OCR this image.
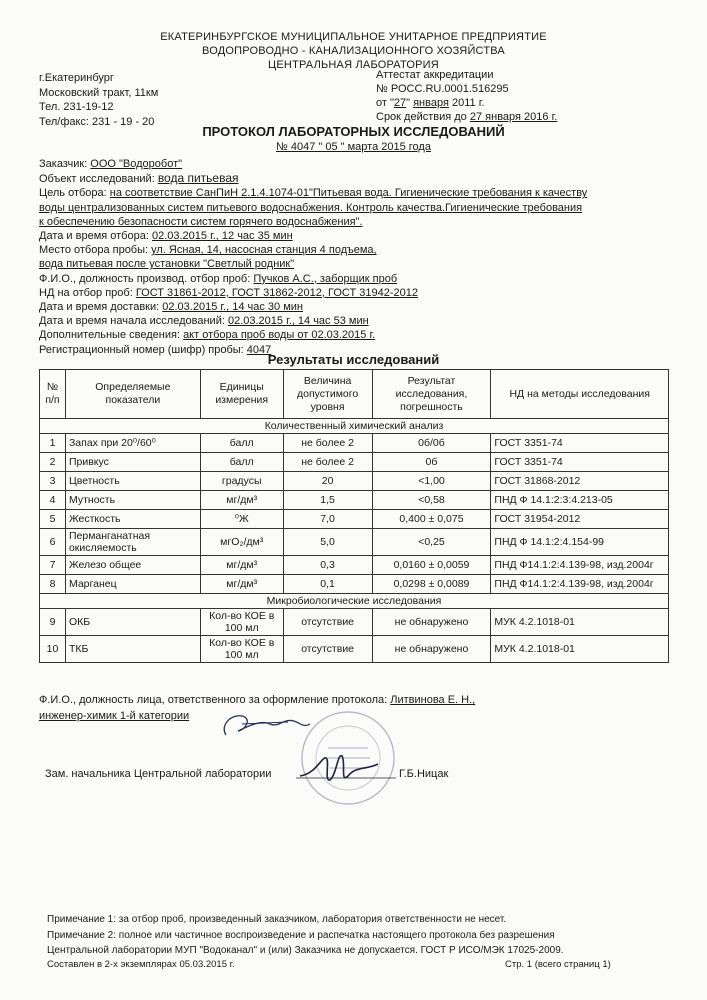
ЕКАТЕРИНБУРГСКОЕ МУНИЦИПАЛЬНОЕ УНИТАРНОЕ ПРЕДПРИЯТИЕ
ВОДОПРОВОДНО - КАНАЛИЗАЦИОННОГО ХОЗЯЙСТВА
ЦЕНТРАЛЬНАЯ ЛАБОРАТОРИЯ
г.Екатеринбург
Московский тракт, 11км
Тел. 231-19-12
Тел/факс: 231 - 19 - 20
Аттестат аккредитации
№ РОСС.RU.0001.516295
от "27" января 2011 г.
Срок действия до 27 января 2016 г.
ПРОТОКОЛ ЛАБОРАТОРНЫХ ИССЛЕДОВАНИЙ
№ 4047 " 05 " марта 2015 года
Заказчик: ООО "Водоробот"
Объект исследований: вода питьевая
Цель отбора: на соответствие СанПиН 2.1.4.1074-01"Питьевая вода. Гигиенические требования к качеству
воды централизованных систем питьевого водоснабжения. Контроль качества.Гигиенические требования
к обеспечению безопасности систем горячего водоснабжения".
Дата и время отбора: 02.03.2015 г., 12 час 35 мин
Место отбора пробы: ул. Ясная, 14, насосная станция 4 подъема,
вода питьевая после установки "Светлый родник"
Ф.И.О., должность производ. отбор проб: Пучков А.С., заборщик проб
НД на отбор проб: ГОСТ 31861-2012, ГОСТ 31862-2012, ГОСТ 31942-2012
Дата и время доставки: 02.03.2015 г., 14 час 30 мин
Дата и время начала исследований: 02.03.2015 г., 14 час 53 мин
Дополнительные сведения: акт отбора проб воды от 02.03.2015 г.
Регистрационный номер (шифр) пробы: 4047
Результаты исследований
№ п/п	Определяемые показатели	Единицы измерения	Величина допустимого уровня	Результат исследования, погрешность	НД на методы исследования
Количественный химический анализ					
1	Запах при 20⁰/60⁰	балл	не более 2	0б/0б	ГОСТ 3351-74
2	Привкус	балл	не более 2	0б	ГОСТ 3351-74
3	Цветность	градусы	20	<1,00	ГОСТ 31868-2012
4	Мутность	мг/дм³	1,5	<0,58	ПНД Ф 14.1:2:3:4.213-05
5	Жесткость	⁰Ж	7,0	0,400 ± 0,075	ГОСТ 31954-2012
6	Перманганатная окисляемость	мгО₂/дм³	5,0	<0,25	ПНД Ф 14.1:2:4.154-99
7	Железо общее	мг/дм³	0,3	0,0160 ± 0,0059	ПНД Ф14.1:2:4.139-98, изд.2004г
8	Марганец	мг/дм³	0,1	0,0298 ± 0,0089	ПНД Ф14.1:2:4.139-98, изд.2004г
Микробиологические исследования					
9	ОКБ	Кол-во КОЕ в 100 мл	отсутствие	не обнаружено	МУК 4.2.1018-01
10	ТКБ	Кол-во КОЕ в 100 мл	отсутствие	не обнаружено	МУК 4.2.1018-01
Ф.И.О., должность лица, ответственного за оформление протокола: Литвинова Е. Н.,
инженер-химик 1-й категории
Зам. начальника Центральной лаборатории	Г.Б.Ницак
Примечание 1: за отбор проб, произведенный заказчиком, лаборатория ответственности не несет.
Примечание 2: полное или частичное воспроизведение и распечатка настоящего протокола без разрешения
Центральной лаборатории МУП "Водоканал" и (или) Заказчика не допускается. ГОСТ Р ИСО/МЭК 17025-2009.
Составлен в 2-х экземплярах 05.03.2015 г.	Стр. 1 (всего страниц 1)
